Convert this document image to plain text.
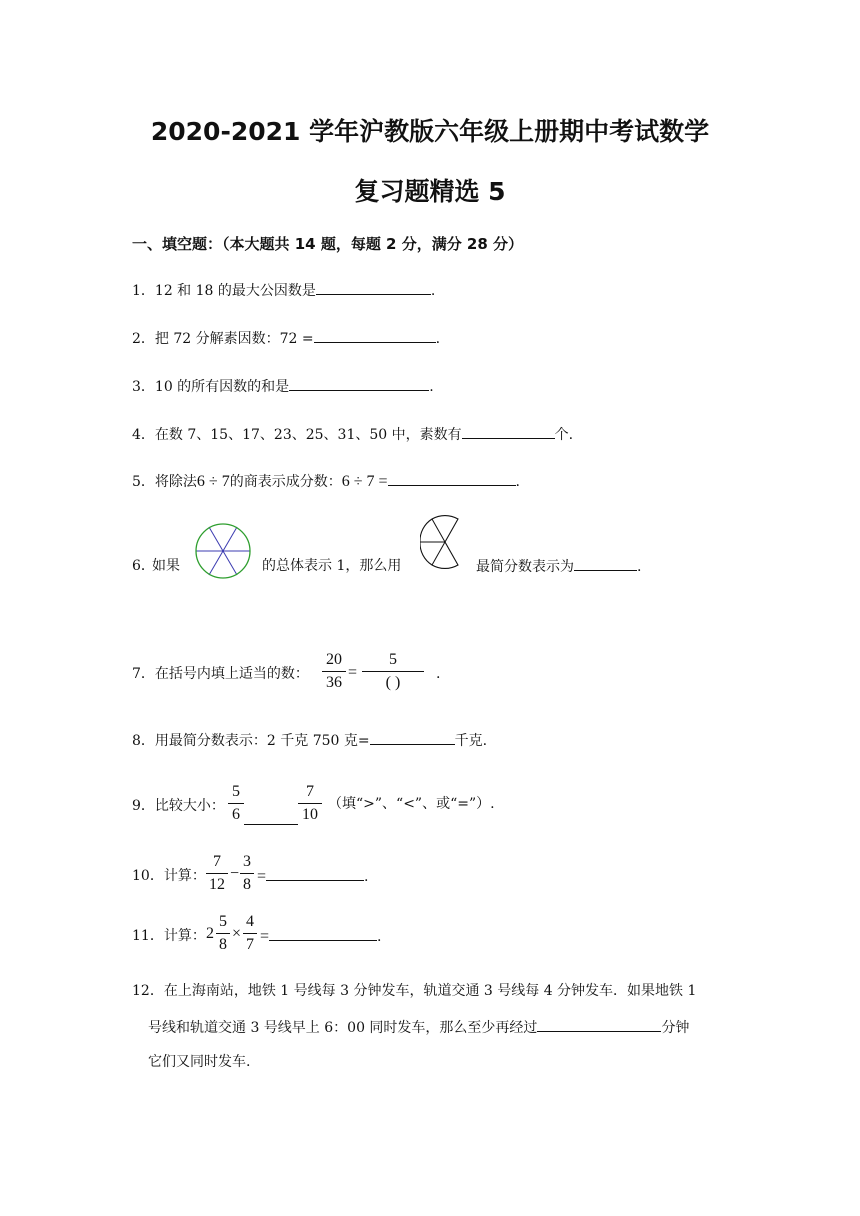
2020-2021 学年沪教版六年级上册期中考试数学
复习题精选 5
一、填空题：（本大题共 14 题，每题 2 分，满分 28 分）
1．12 和 18 的最大公因数是	.
2．把 72 分解素因数：72 =	.
3．10 的所有因数的和是	.
4．在数 7、15、17、23、25、31、50 中，素数有	个.
5．将除法6 ÷ 7的商表示成分数：6 ÷ 7 =	.
6．
如果	的总体表示 1，那么用	最简分数表示为	.
7．在括号内填上适当的数：
20
36
=
5
( )	.
8．用最简分数表示：2 千克 750 克=	千克.
9．比较大小：
5
6
7
10
（填“>”、“<”、或“=”）.
10．计算：
7
12
−
3
8 =	.
11．计算： 2
5
8
×
4
7 =	.
12．在上海南站，地铁 1 号线每 3 分钟发车，轨道交通 3 号线每 4 分钟发车．如果地铁 1
号线和轨道交通 3 号线早上 6：00 同时发车，那么至少再经过	分钟
它们又同时发车.
